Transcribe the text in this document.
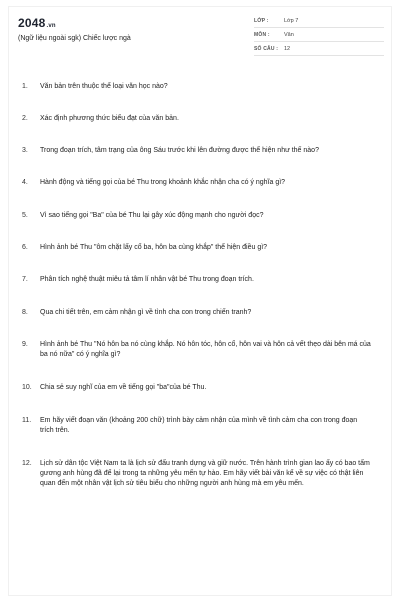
2048.vn
(Ngữ liệu ngoài sgk) Chiếc lược ngà
LỚP :	Lớp 7
MÔN :	Văn
SỐ CÂU :	12
1.	Văn bản trên thuộc thể loại văn học nào?
2.	Xác định phương thức biểu đạt của văn bản.
3.	Trong đoạn trích, tâm trạng của ông Sáu trước khi lên đường được thể hiện như thế nào?
4.	Hành động và tiếng gọi của bé Thu trong khoảnh khắc nhận cha có ý nghĩa gì?
5.	Vì sao tiếng gọi "Ba" của bé Thu lại gây xúc động mạnh cho người đọc?
6.	Hình ảnh bé Thu "ôm chặt lấy cổ ba, hôn ba cùng khắp" thể hiện điều gì?
7.	Phân tích nghệ thuật miêu tả tâm lí nhân vật bé Thu trong đoạn trích.
8.	Qua chi tiết trên, em cảm nhận gì về tình cha con trong chiến tranh?
9.	Hình ảnh bé Thu "Nó hôn ba nó cùng khắp. Nó hôn tóc, hôn cổ, hôn vai và hôn cả vết thẹo dài bên má của ba nó nữa" có ý nghĩa gì?
10.	Chia sẻ suy nghĩ của em về tiếng gọi "ba"của bé Thu.
11.	Em hãy viết đoạn văn (khoảng 200 chữ) trình bày cảm nhận của mình về tình cảm cha con trong đoạn trích trên.
12.	Lịch sử dân tộc Việt Nam ta là lịch sử đấu tranh dựng và giữ nước. Trên hành trình gian lao ấy có bao tấm gương anh hùng đã để lại trong ta những yêu mến tự hào. Em hãy viết bài văn kể về sự việc có thật liên quan đến một nhân vật lịch sử tiêu biểu cho những người anh hùng mà em yêu mến.
